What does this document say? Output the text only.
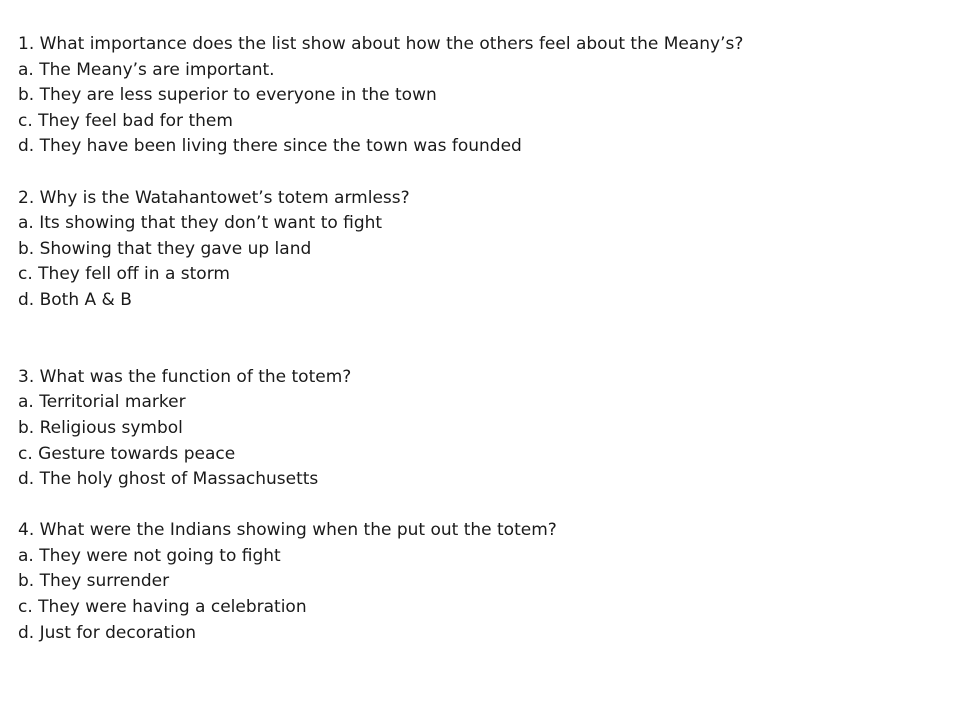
1. What importance does the list show about how the others feel about the Meany’s?
a. The Meany’s are important.
b. They are less superior to everyone in the town
c. They feel bad for them
d. They have been living there since the town was founded
2. Why is the Watahantowet’s totem armless?
a. Its showing that they don’t want to fight
b. Showing that they gave up land
c. They fell off in a storm
d. Both A & B
3. What was the function of the totem?
a. Territorial marker
b. Religious symbol
c. Gesture towards peace
d. The holy ghost of Massachusetts
4. What were the Indians showing when the put out the totem?
a. They were not going to fight
b. They surrender
c. They were having a celebration
d. Just for decoration
